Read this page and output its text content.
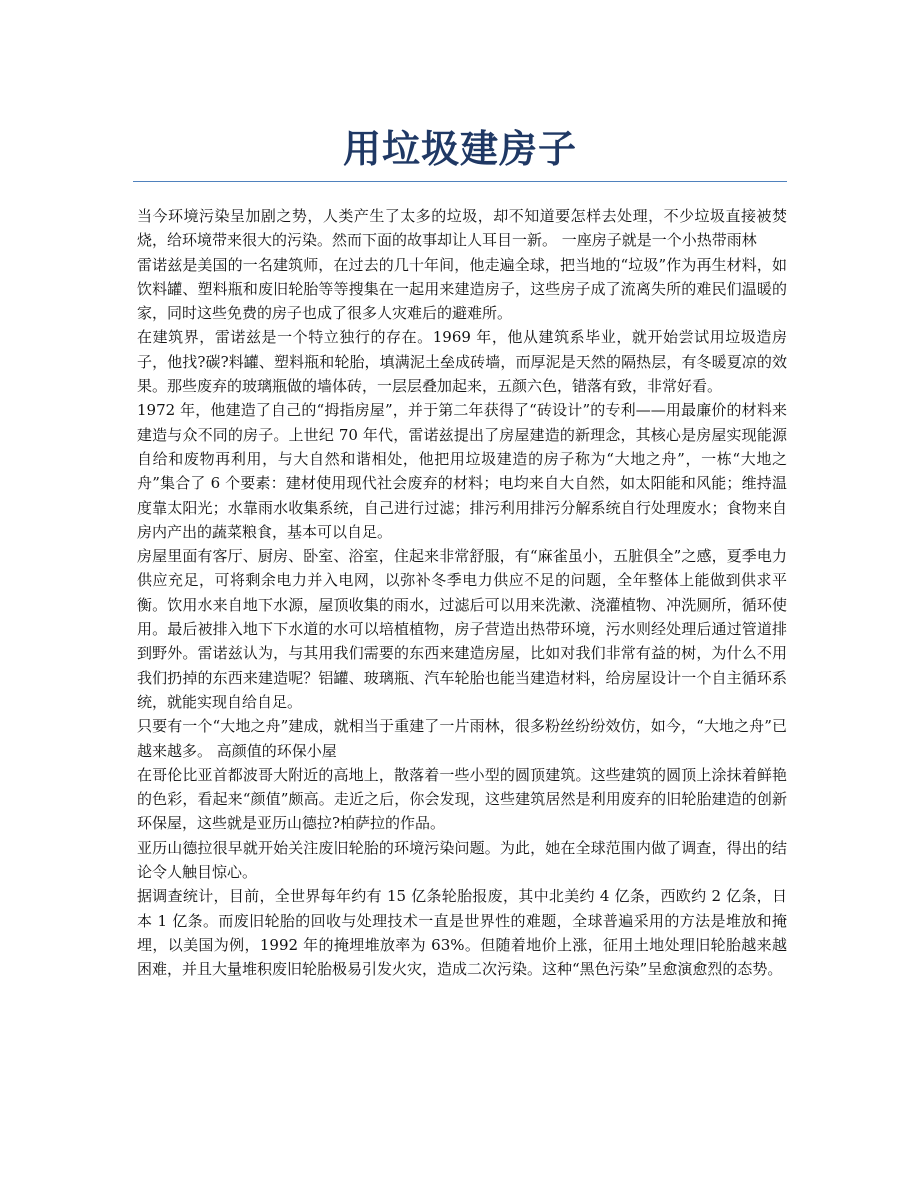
用垃圾建房子

当今环境污染呈加剧之势，人类产生了太多的垃圾，却不知道要怎样去处理，不少垃圾直接被焚烧，给环境带来很大的污染。然而下面的故事却让人耳目一新。 一座房子就是一个小热带雨林

雷诺兹是美国的一名建筑师，在过去的几十年间，他走遍全球，把当地的“垃圾”作为再生材料，如饮料罐、塑料瓶和废旧轮胎等等搜集在一起用来建造房子，这些房子成了流离失所的难民们温暖的家，同时这些免费的房子也成了很多人灾难后的避难所。

在建筑界，雷诺兹是一个特立独行的存在。1969 年，他从建筑系毕业，就开始尝试用垃圾造房子，他找?碳?料罐、塑料瓶和轮胎，填满泥土垒成砖墙，而厚泥是天然的隔热层，有冬暖夏凉的效果。那些废弃的玻璃瓶做的墙体砖，一层层叠加起来，五颜六色，错落有致，非常好看。

1972 年，他建造了自己的“拇指房屋”，并于第二年获得了“砖设计”的专利——用最廉价的材料来建造与众不同的房子。上世纪 70 年代，雷诺兹提出了房屋建造的新理念，其核心是房屋实现能源自给和废物再利用，与大自然和谐相处，他把用垃圾建造的房子称为“大地之舟”，一栋“大地之舟”集合了 6 个要素：建材使用现代社会废弃的材料；电均来自大自然，如太阳能和风能；维持温度靠太阳光；水靠雨水收集系统，自己进行过滤；排污利用排污分解系统自行处理废水；食物来自房内产出的蔬菜粮食，基本可以自足。

房屋里面有客厅、厨房、卧室、浴室，住起来非常舒服，有“麻雀虽小，五脏俱全”之感，夏季电力供应充足，可将剩余电力并入电网，以弥补冬季电力供应不足的问题，全年整体上能做到供求平衡。饮用水来自地下水源，屋顶收集的雨水，过滤后可以用来洗漱、浇灌植物、冲洗厕所，循环使用。最后被排入地下下水道的水可以培植植物，房子营造出热带环境，污水则经处理后通过管道排到野外。雷诺兹认为，与其用我们需要的东西来建造房屋，比如对我们非常有益的树，为什么不用我们扔掉的东西来建造呢？铝罐、玻璃瓶、汽车轮胎也能当建造材料，给房屋设计一个自主循环系统，就能实现自给自足。

只要有一个“大地之舟”建成，就相当于重建了一片雨林，很多粉丝纷纷效仿，如今，“大地之舟”已越来越多。 高颜值的环保小屋

在哥伦比亚首都波哥大附近的高地上，散落着一些小型的圆顶建筑。这些建筑的圆顶上涂抹着鲜艳的色彩，看起来“颜值”颇高。走近之后，你会发现，这些建筑居然是利用废弃的旧轮胎建造的创新环保屋，这些就是亚历山德拉?柏萨拉的作品。

亚历山德拉很早就开始关注废旧轮胎的环境污染问题。为此，她在全球范围内做了调查，得出的结论令人触目惊心。

据调查统计，目前，全世界每年约有 15 亿条轮胎报废，其中北美约 4 亿条，西欧约 2 亿条，日本 1 亿条。而废旧轮胎的回收与处理技术一直是世界性的难题，全球普遍采用的方法是堆放和掩埋，以美国为例，1992 年的掩埋堆放率为 63%。但随着地价上涨，征用土地处理旧轮胎越来越困难，并且大量堆积废旧轮胎极易引发火灾，造成二次污染。这种“黑色污染”呈愈演愈烈的态势。
